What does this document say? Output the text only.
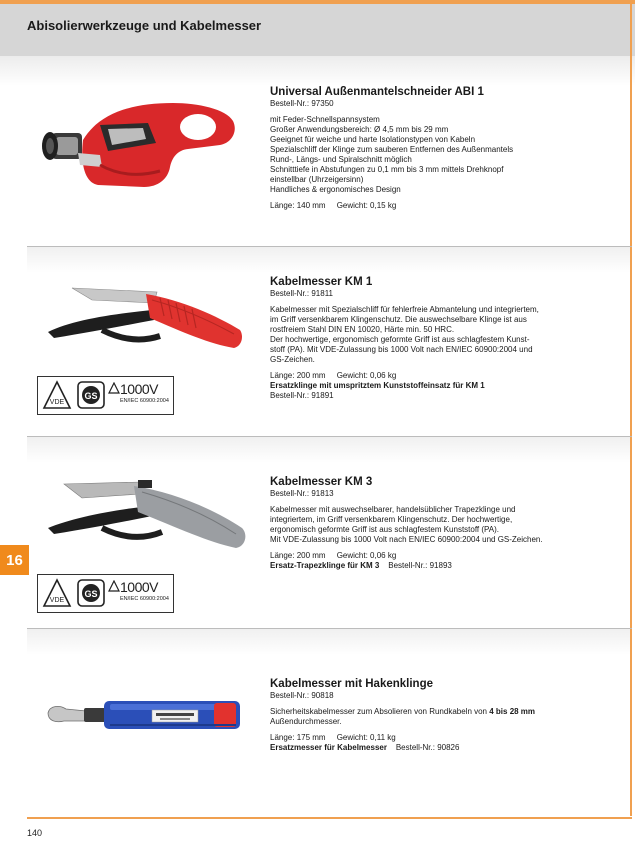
Abisolierwerkzeuge und Kabelmesser
16
Universal Außenmantelschneider ABI 1
Bestell-Nr.: 97350
mit Feder-Schnellspannsystem
Großer Anwendungsbereich: Ø 4,5 mm bis 29 mm
Geeignet für weiche und harte Isolationstypen von Kabeln
Spezialschliff der Klinge zum sauberen Entfernen des Außenmantels
Rund-, Längs- und Spiralschnitt möglich
Schnitttiefe in Abstufungen zu 0,1 mm bis 3 mm mittels Drehknopf
einstellbar (Uhrzeigersinn)
Handliches & ergonomisches Design
Länge: 140 mm     Gewicht: 0,15 kg
VDE
GS 1000V
EN/IEC 60900:2004
Kabelmesser KM 1
Bestell-Nr.: 91811
Kabelmesser mit Spezialschliff für fehlerfreie Abmantelung und integriertem,
im Griff versenkbarem Klingenschutz. Die auswechselbare Klinge ist aus
rostfreiem Stahl DIN EN 10020, Härte min. 50 HRC.
Der hochwertige, ergonomisch geformte Griff ist aus schlagfestem Kunst-
stoff (PA). Mit VDE-Zulassung bis 1000 Volt nach EN/IEC 60900:2004 und
GS-Zeichen.
Länge: 200 mm     Gewicht: 0,06 kg
Ersatzklinge mit umspritztem Kunststoffeinsatz für KM 1
Bestell-Nr.: 91891
VDE
GS 1000V
EN/IEC 60900:2004
Kabelmesser KM 3
Bestell-Nr.: 91813
Kabelmesser mit auswechselbarer, handelsüblicher Trapezklinge und
integriertem, im Griff versenkbarem Klingenschutz. Der hochwertige,
ergonomisch geformte Griff ist aus schlagfestem Kunststoff (PA).
Mit VDE-Zulassung bis 1000 Volt nach EN/IEC 60900:2004 und GS-Zeichen.
Länge: 200 mm     Gewicht: 0,06 kg
Ersatz-Trapezklinge für KM 3 Bestell-Nr.: 91893
Kabelmesser mit Hakenklinge
Bestell-Nr.: 90818
Sicherheitskabelmesser zum Absolieren von Rundkabeln von 4 bis 28 mm
Außendurchmesser.
Länge: 175 mm     Gewicht: 0,11 kg
Ersatzmesser für Kabelmesser Bestell-Nr.: 90826
140
